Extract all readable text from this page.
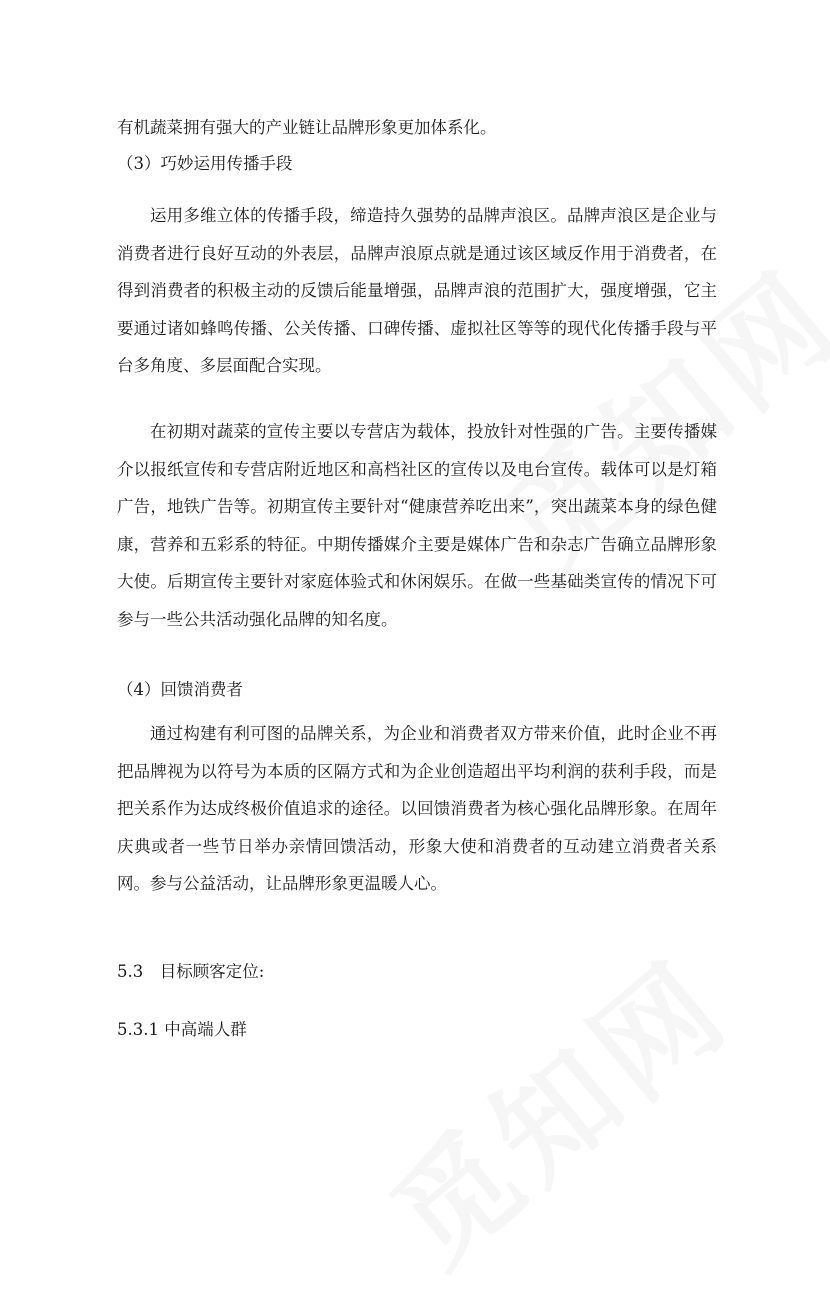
有机蔬菜拥有强大的产业链让品牌形象更加体系化。

（3）巧妙运用传播手段

运用多维立体的传播手段，缔造持久强势的品牌声浪区。品牌声浪区是企业与消费者进行良好互动的外表层，品牌声浪原点就是通过该区域反作用于消费者，在得到消费者的积极主动的反馈后能量增强，品牌声浪的范围扩大，强度增强，它主要通过诸如蜂鸣传播、公关传播、口碑传播、虚拟社区等等的现代化传播手段与平台多角度、多层面配合实现。

在初期对蔬菜的宣传主要以专营店为载体，投放针对性强的广告。主要传播媒介以报纸宣传和专营店附近地区和高档社区的宣传以及电台宣传。载体可以是灯箱广告，地铁广告等。初期宣传主要针对“健康营养吃出来”，突出蔬菜本身的绿色健康，营养和五彩系的特征。中期传播媒介主要是媒体广告和杂志广告确立品牌形象大使。后期宣传主要针对家庭体验式和休闲娱乐。在做一些基础类宣传的情况下可参与一些公共活动强化品牌的知名度。

（4）回馈消费者

通过构建有利可图的品牌关系，为企业和消费者双方带来价值，此时企业不再把品牌视为以符号为本质的区隔方式和为企业创造超出平均利润的获利手段，而是把关系作为达成终极价值追求的途径。以回馈消费者为核心强化品牌形象。在周年庆典或者一些节日举办亲情回馈活动，形象大使和消费者的互动建立消费者关系网。参与公益活动，让品牌形象更温暖人心。

5.3　目标顾客定位:

5.3.1 中高端人群
